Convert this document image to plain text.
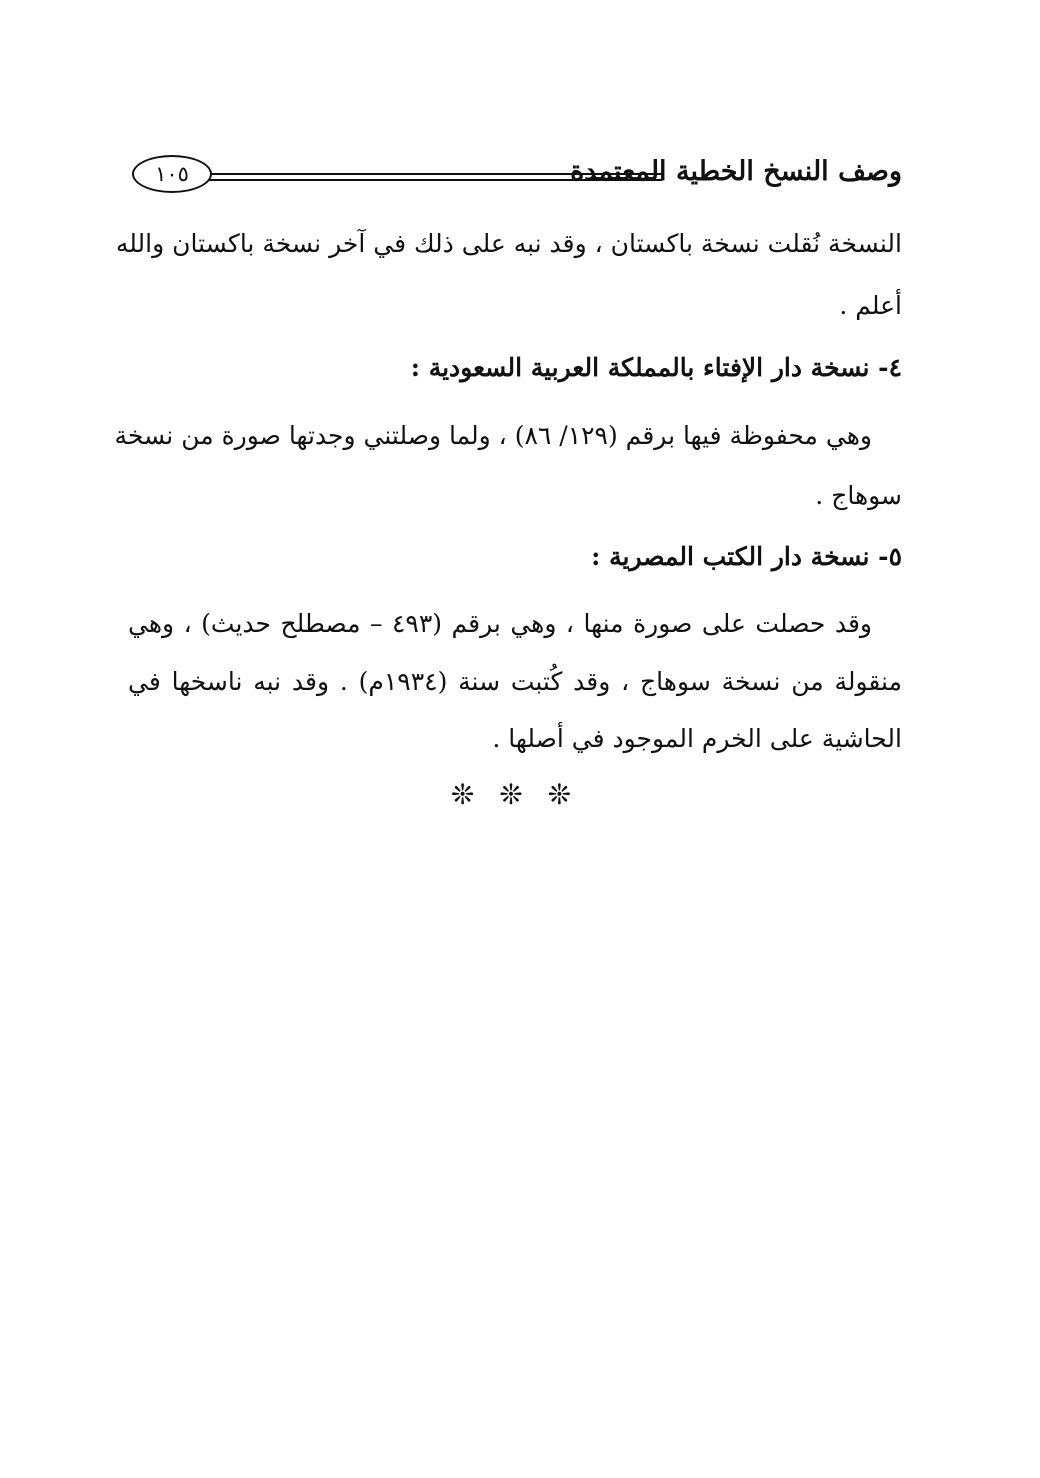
وصف النسخ الخطية المعتمدة
١٠٥
النسخة نُقلت نسخة باكستان ، وقد نبه على ذلك في آخر نسخة باكستان والله
أعلم .
٤- نسخة دار الإفتاء بالمملكة العربية السعودية :
وهي محفوظة فيها برقم (١٢٩/ ٨٦) ، ولما وصلتني وجدتها صورة من نسخة
سوهاج .
٥- نسخة دار الكتب المصرية :
وقد حصلت على صورة منها ، وهي برقم (٤٩٣ – مصطلح حديث) ، وهي
منقولة من نسخة سوهاج ، وقد كُتبت سنة (١٩٣٤م) . وقد نبه ناسخها في
الحاشية على الخرم الموجود في أصلها .
❊ ❊ ❊
